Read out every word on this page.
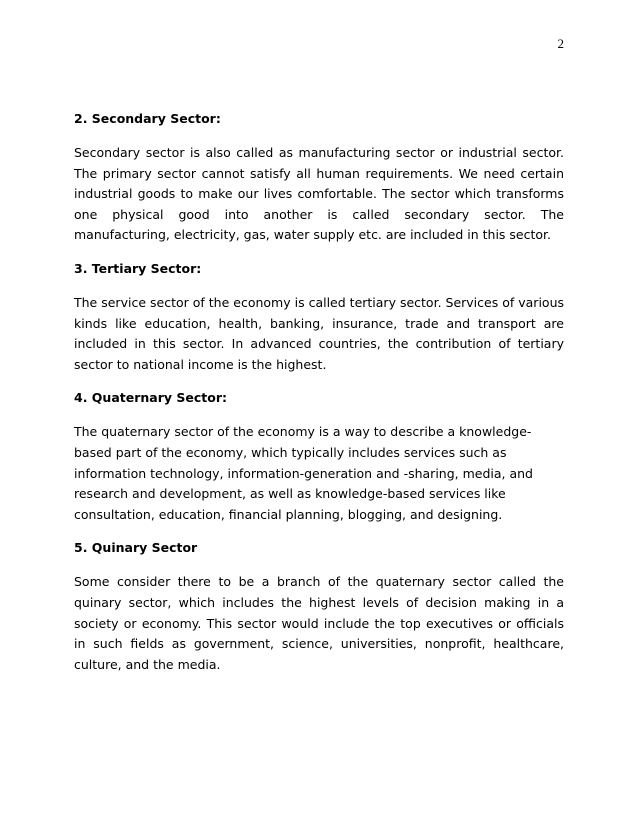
2
2. Secondary Sector:
Secondary sector is also called as manufacturing sector or industrial sector. The primary sector cannot satisfy all human requirements. We need certain industrial goods to make our lives comfortable. The sector which transforms one physical good into another is called secondary sector. The manufacturing, electricity, gas, water supply etc. are included in this sector.
3. Tertiary Sector:
The service sector of the economy is called tertiary sector. Services of various kinds like education, health, banking, insurance, trade and transport are included in this sector. In advanced countries, the contribution of tertiary sector to national income is the highest.
4. Quaternary Sector:
The quaternary sector of the economy is a way to describe a knowledge-based part of the economy, which typically includes services such as information technology, information-generation and -sharing, media, and research and development, as well as knowledge-based services like consultation, education, financial planning, blogging, and designing.
5. Quinary Sector
Some consider there to be a branch of the quaternary sector called the quinary sector, which includes the highest levels of decision making in a society or economy. This sector would include the top executives or officials in such fields as government, science, universities, nonprofit, healthcare, culture, and the media.
